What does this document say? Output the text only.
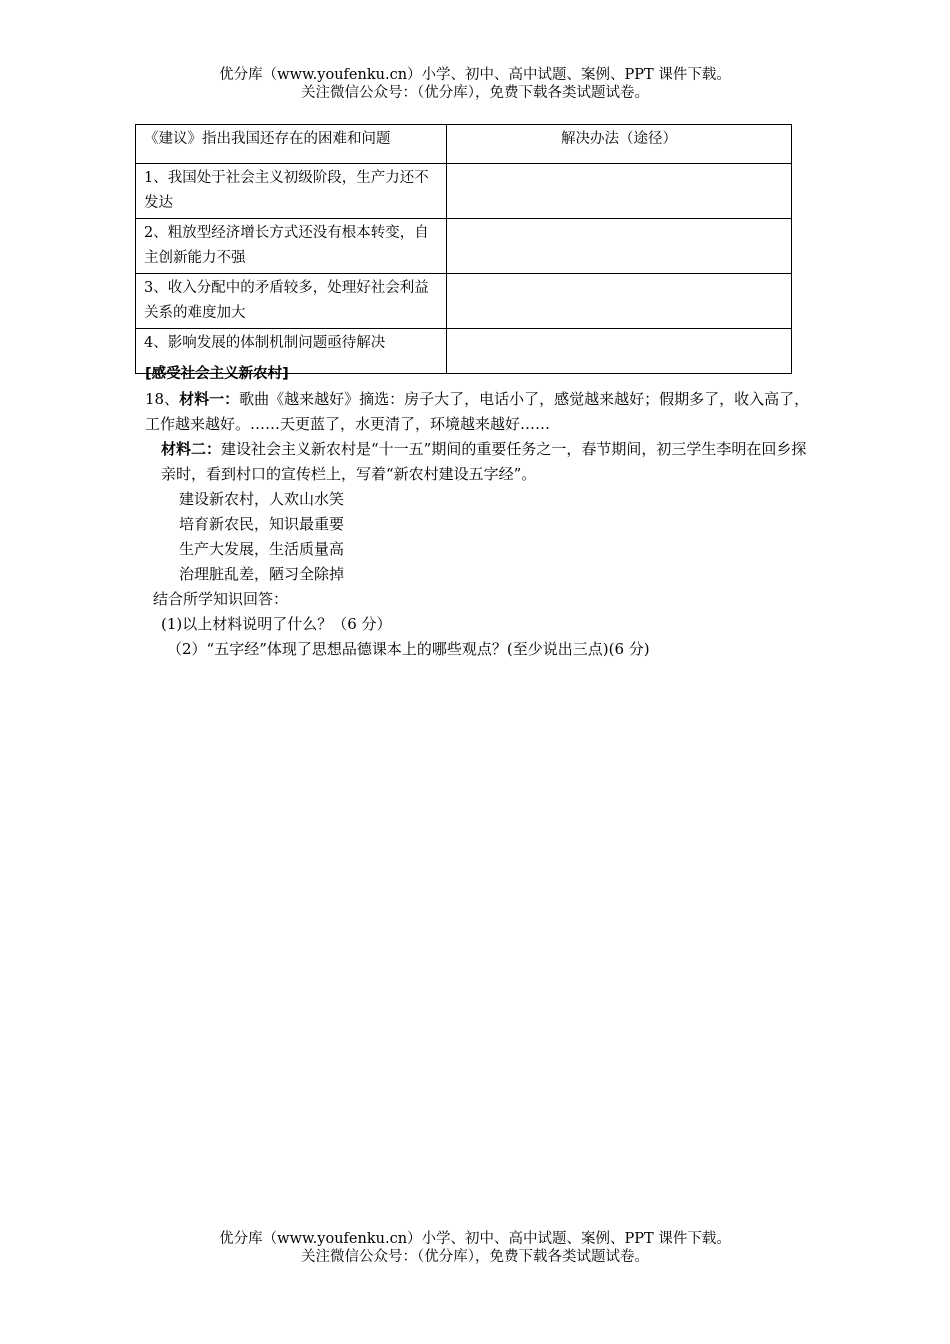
优分库（www.youfenku.cn）小学、初中、高中试题、案例、PPT 课件下载。
关注微信公众号：（优分库），免费下载各类试题试卷。
《建议》指出我国还存在的困难和问题	解决办法（途径）
1、我国处于社会主义初级阶段，生产力还不发达	
2、粗放型经济增长方式还没有根本转变，自主创新能力不强	
3、收入分配中的矛盾较多，处理好社会利益关系的难度加大	
4、影响发展的体制机制问题亟待解决	

[感受社会主义新农村]

18、材料一：歌曲《越来越好》摘选：房子大了，电话小了，感觉越来越好；假期多了，收入高了，工作越来越好。……天更蓝了，水更清了，环境越来越好……

材料二：建设社会主义新农村是“十一五”期间的重要任务之一，春节期间，初三学生李明在回乡探亲时，看到村口的宣传栏上，写着“新农村建设五字经”。

建设新农村，人欢山水笑

培育新农民，知识最重要

生产大发展，生活质量高

治理脏乱差，陋习全除掉

结合所学知识回答：

(1)以上材料说明了什么？（6 分）

（2）“五字经”体现了思想品德课本上的哪些观点？(至少说出三点)(6 分)

优分库（www.youfenku.cn）小学、初中、高中试题、案例、PPT 课件下载。
关注微信公众号：（优分库），免费下载各类试题试卷。
